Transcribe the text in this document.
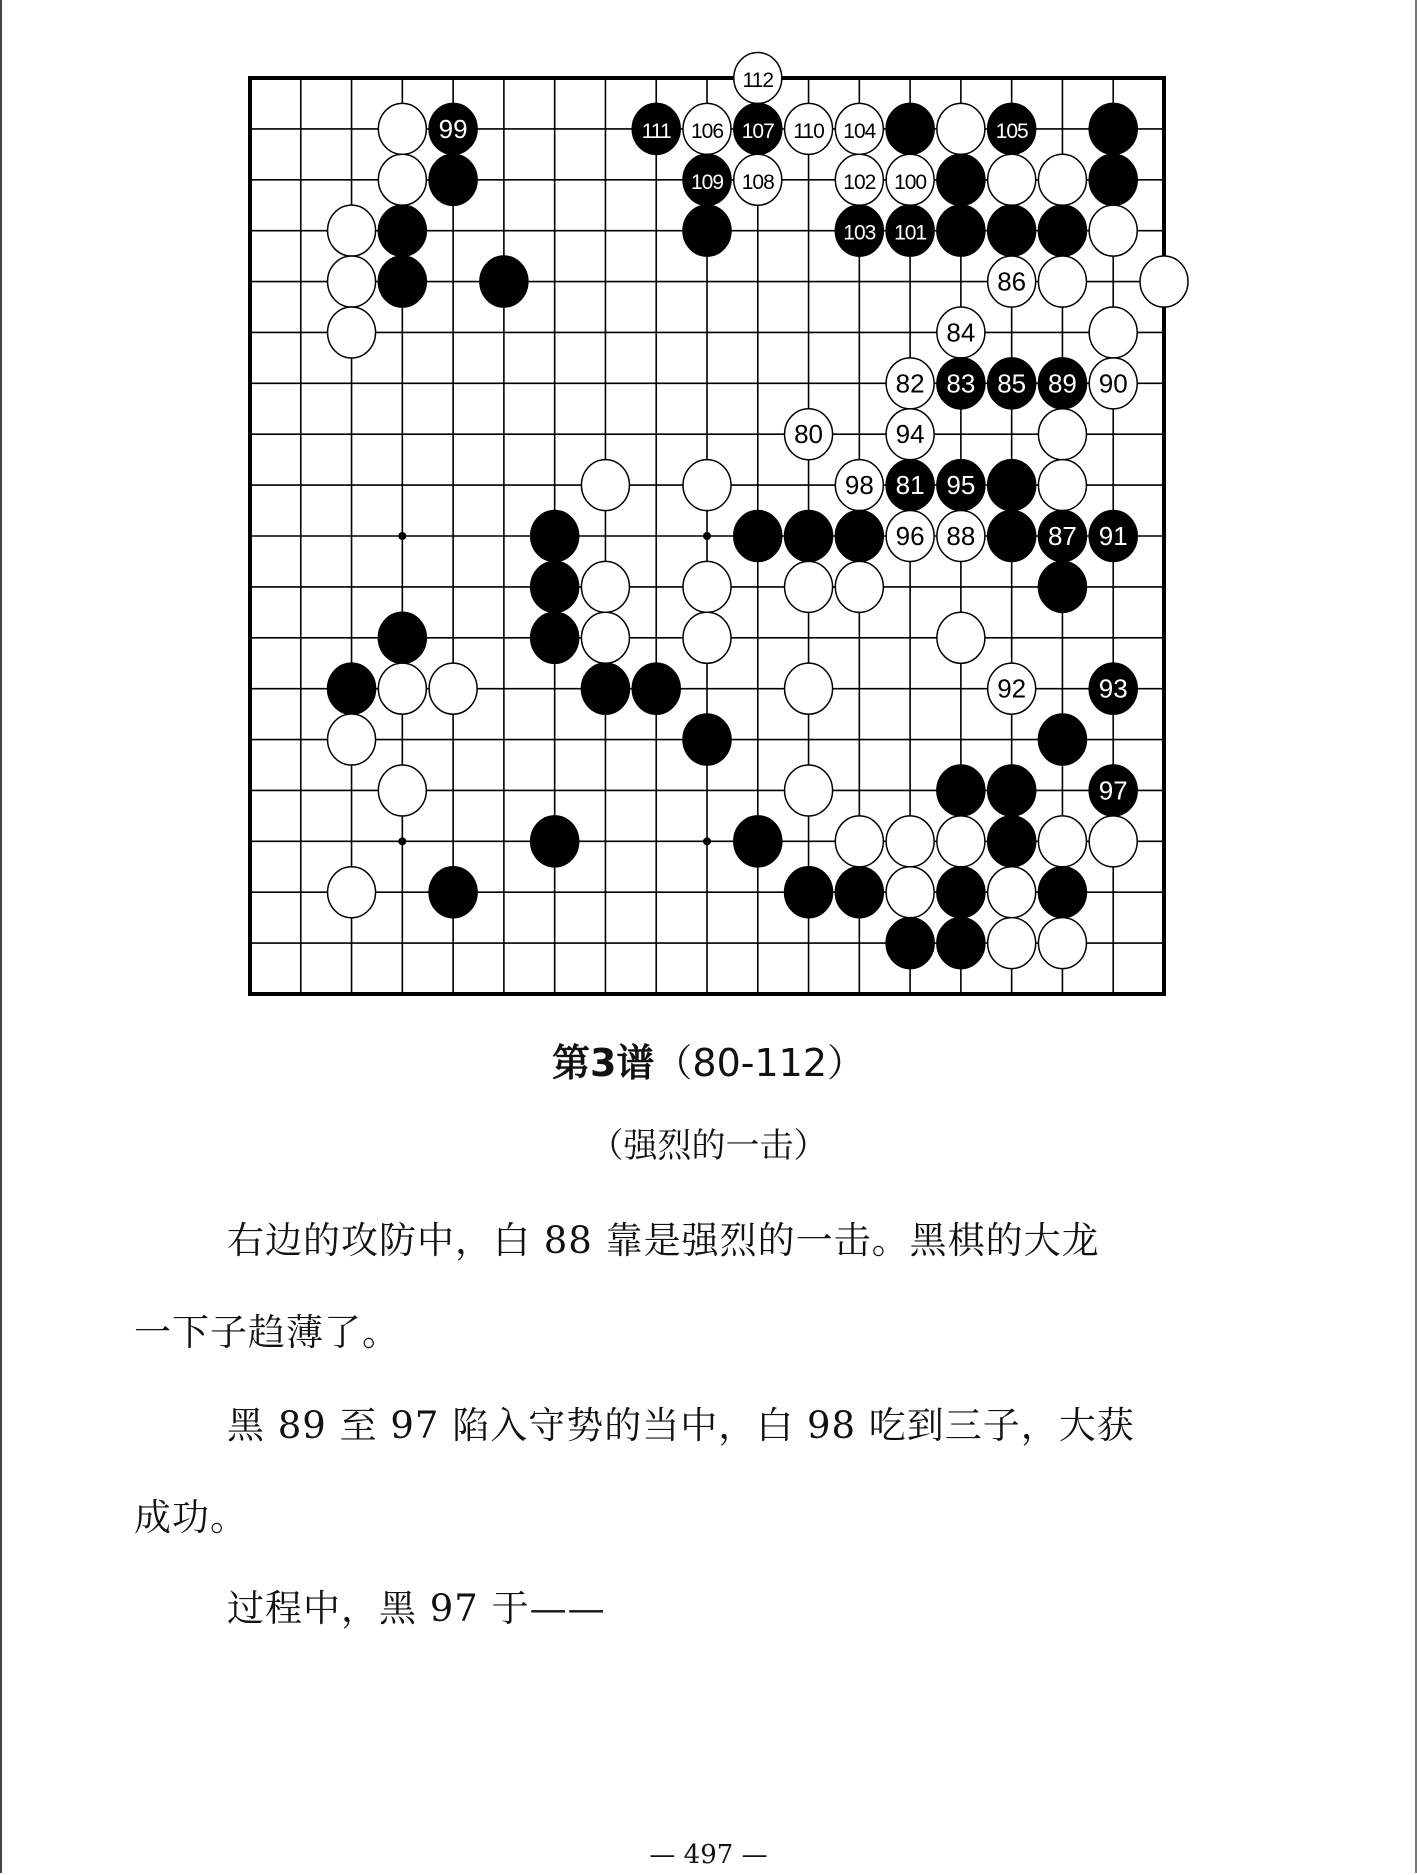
112
99	111 106 107 110 104	105
109 108	102 100
103 101
86
84
82 83 85 89 90
80	94
98 81 95
96 88	87 91
92	93
97
第3谱（80-112）
（强烈的一击）
右边的攻防中，白 88 靠是强烈的一击。黑棋的大龙
一下子趋薄了。
黑 89 至 97 陷入守势的当中，白 98 吃到三子，大获
成功。
过程中，黑 97 于——
— 497 —
